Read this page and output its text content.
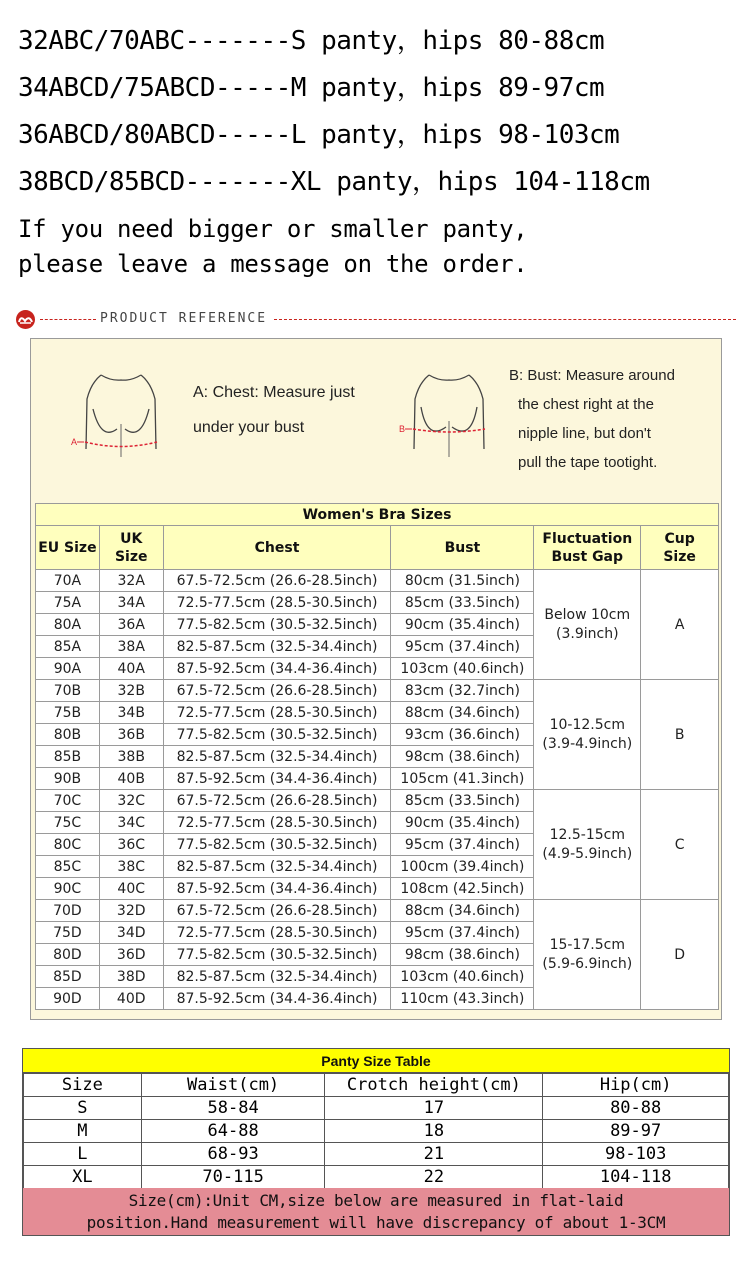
32ABC/70ABC-------S panty，hips 80-88cm
34ABCD/75ABCD-----M panty，hips 89-97cm
36ABCD/80ABCD-----L panty，hips 98-103cm
38BCD/85BCD-------XL panty，hips 104-118cm
If you need bigger or smaller panty,
please leave a message on the order.
PRODUCT REFERENCE
A
A: Chest: Measure just
under your bust	B
B: Bust: Measure around
the chest right at the
nipple line, but don't
pull the tape tootight.
Women's Bra Sizes					
EU Size	UK
Size	Chest	Bust	Fluctuation
Bust Gap	Cup
Size
70A	32A	67.5-72.5cm (26.6-28.5inch)	80cm (31.5inch)	Below 10cm
(3.9inch)	A
75A	34A	72.5-77.5cm (28.5-30.5inch)	85cm (33.5inch)		
80A	36A	77.5-82.5cm (30.5-32.5inch)	90cm (35.4inch)		
85A	38A	82.5-87.5cm (32.5-34.4inch)	95cm (37.4inch)		
90A	40A	87.5-92.5cm (34.4-36.4inch)	103cm (40.6inch)		
70B	32B	67.5-72.5cm (26.6-28.5inch)	83cm (32.7inch)	10-12.5cm
(3.9-4.9inch)	B
75B	34B	72.5-77.5cm (28.5-30.5inch)	88cm (34.6inch)		
80B	36B	77.5-82.5cm (30.5-32.5inch)	93cm (36.6inch)		
85B	38B	82.5-87.5cm (32.5-34.4inch)	98cm (38.6inch)		
90B	40B	87.5-92.5cm (34.4-36.4inch)	105cm (41.3inch)		
70C	32C	67.5-72.5cm (26.6-28.5inch)	85cm (33.5inch)	12.5-15cm
(4.9-5.9inch)	C
75C	34C	72.5-77.5cm (28.5-30.5inch)	90cm (35.4inch)		
80C	36C	77.5-82.5cm (30.5-32.5inch)	95cm (37.4inch)		
85C	38C	82.5-87.5cm (32.5-34.4inch)	100cm (39.4inch)		
90C	40C	87.5-92.5cm (34.4-36.4inch)	108cm (42.5inch)		
70D	32D	67.5-72.5cm (26.6-28.5inch)	88cm (34.6inch)	15-17.5cm
(5.9-6.9inch)	D
75D	34D	72.5-77.5cm (28.5-30.5inch)	95cm (37.4inch)		
80D	36D	77.5-82.5cm (30.5-32.5inch)	98cm (38.6inch)		
85D	38D	82.5-87.5cm (32.5-34.4inch)	103cm (40.6inch)		
90D	40D	87.5-92.5cm (34.4-36.4inch)	110cm (43.3inch)		
Panty Size Table
Size	Waist(cm)	Crotch height(cm)	Hip(cm)
S	58-84	17	80-88
M	64-88	18	89-97
L	68-93	21	98-103
XL	70-115	22	104-118
Size(cm):Unit CM,size below are measured in flat-laid
position.Hand measurement will have discrepancy of about 1-3CM
